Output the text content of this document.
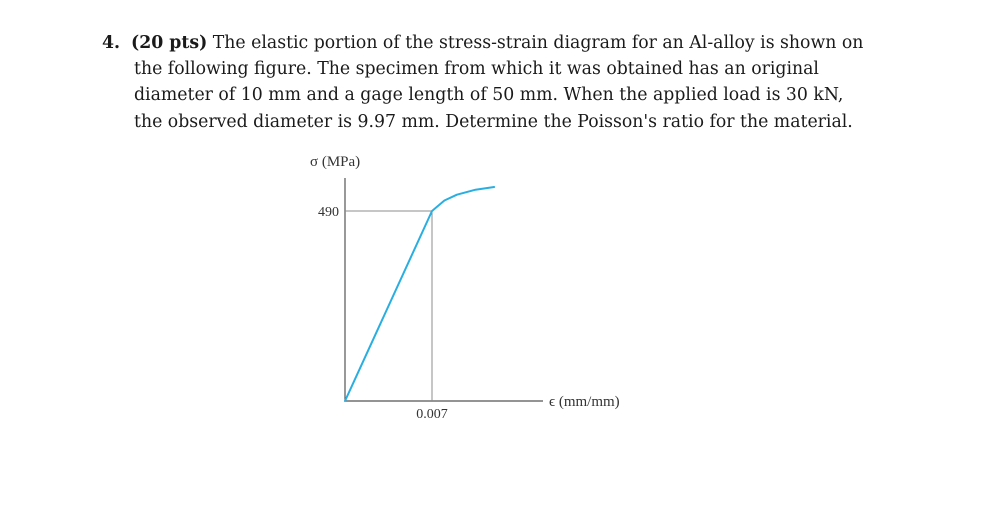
4. (20 pts) The elastic portion of the stress-strain diagram for an Al-alloy is shown on
the following figure. The specimen from which it was obtained has an original
diameter of 10 mm and a gage length of 50 mm. When the applied load is 30 kN,
the observed diameter is 9.97 mm. Determine the Poisson's ratio for the material.
σ (MPa)
490
0.007
ϵ (mm/mm)
